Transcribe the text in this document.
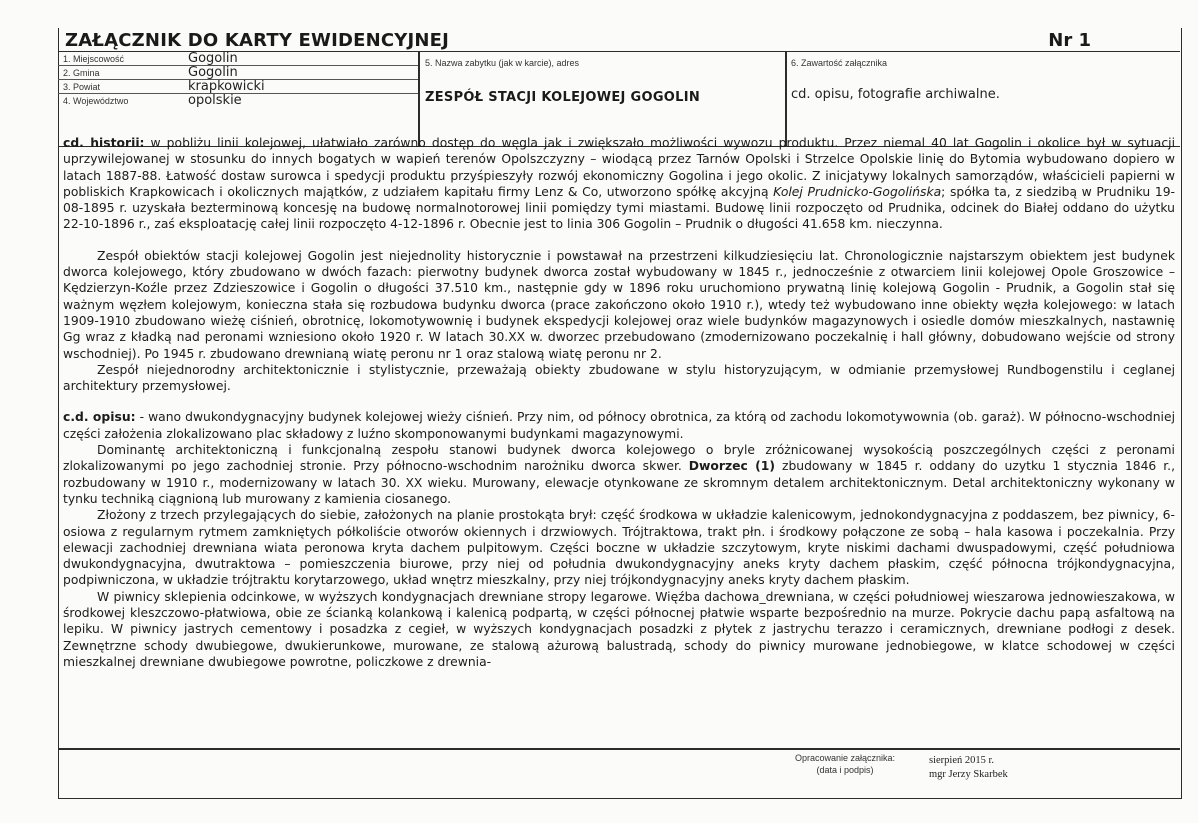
ZAŁĄCZNIK DO KARTY EWIDENCYJNEJ	Nr 1
1. Miejscowość	Gogolin
2. Gmina	Gogolin
3. Powiat	krapkowicki
4. Województwo	opolskie
5. Nazwa zabytku (jak w karcie), adres
ZESPÓŁ STACJI KOLEJOWEJ GOGOLIN
6. Zawartość załącznika
cd. opisu, fotografie archiwalne.

cd. historii: w pobliżu linii kolejowej, ułatwiało zarówno dostęp do węgla jak i zwiększało możliwości wywozu produktu. Przez niemal 40 lat Gogolin i okolice był w sytuacji uprzywilejowanej w stosunku do innych bogatych w wapień terenów Opolszczyzny – wiodącą przez Tarnów Opolski i Strzelce Opolskie linię do Bytomia wybudowano dopiero w latach 1887-88. Łatwość dostaw surowca i spedycji produktu przyśpieszyły rozwój ekonomiczny Gogolina i jego okolic. Z inicjatywy lokalnych samorządów, właścicieli papierni w pobliskich Krapkowicach i okolicznych majątków, z udziałem kapitału firmy Lenz & Co, utworzono spółkę akcyjną Kolej Prudnicko-Gogolińska; spółka ta, z siedzibą w Prudniku 19-08-1895 r. uzyskała bezterminową koncesję na budowę normalnotorowej linii pomiędzy tymi miastami. Budowę linii rozpoczęto od Prudnika, odcinek do Białej oddano do użytku 22-10-1896 r., zaś eksploatację całej linii rozpoczęto 4-12-1896 r. Obecnie jest to linia 306 Gogolin – Prudnik o długości 41.658 km. nieczynna.

Zespół obiektów stacji kolejowej Gogolin jest niejednolity historycznie i powstawał na przestrzeni kilkudziesięciu lat. Chronologicznie najstarszym obiektem jest budynek dworca kolejowego, który zbudowano w dwóch fazach: pierwotny budynek dworca został wybudowany w 1845 r., jednocześnie z otwarciem linii kolejowej Opole Groszowice – Kędzierzyn-Koźle przez Zdzieszowice i Gogolin o długości 37.510 km., następnie gdy w 1896 roku uruchomiono prywatną linię kolejową Gogolin - Prudnik, a Gogolin stał się ważnym węzłem kolejowym, konieczna stała się rozbudowa budynku dworca (prace zakończono około 1910 r.), wtedy też wybudowano inne obiekty węzła kolejowego: w latach 1909-1910 zbudowano wieżę ciśnień, obrotnicę, lokomotywownię i budynek ekspedycji kolejowej oraz wiele budynków magazynowych i osiedle domów mieszkalnych, nastawnię Gg wraz z kładką nad peronami wzniesiono około 1920 r. W latach 30.XX w. dworzec przebudowano (zmodernizowano poczekalnię i hall główny, dobudowano wejście od strony wschodniej). Po 1945 r. zbudowano drewnianą wiatę peronu nr 1 oraz stalową wiatę peronu nr 2.

Zespół niejednorodny architektonicznie i stylistycznie, przeważają obiekty zbudowane w stylu historyzującym, w odmianie przemysłowej Rundbogenstilu i ceglanej architektury przemysłowej.

c.d. opisu: - wano dwukondygnacyjny budynek kolejowej wieży ciśnień. Przy nim, od północy obrotnica, za którą od zachodu lokomotywownia (ob. garaż). W północno-wschodniej części założenia zlokalizowano plac składowy z luźno skomponowanymi budynkami magazynowymi.

Dominantę architektoniczną i funkcjonalną zespołu stanowi budynek dworca kolejowego o bryle zróżnicowanej wysokością poszczególnych części z peronami zlokalizowanymi po jego zachodniej stronie. Przy północno-wschodnim narożniku dworca skwer. Dworzec (1) zbudowany w 1845 r. oddany do uzytku 1 stycznia 1846 r., rozbudowany w 1910 r., modernizowany w latach 30. XX wieku. Murowany, elewacje otynkowane ze skromnym detalem architektonicznym. Detal architektoniczny wykonany w tynku techniką ciągnioną lub murowany z kamienia ciosanego.

Złożony z trzech przylegających do siebie, założonych na planie prostokąta brył: część środkowa w układzie kalenicowym, jednokondygnacyjna z poddaszem, bez piwnicy, 6-osiowa z regularnym rytmem zamkniętych półkoliście otworów okiennych i drzwiowych. Trójtraktowa, trakt płn. i środkowy połączone ze sobą – hala kasowa i poczekalnia. Przy elewacji zachodniej drewniana wiata peronowa kryta dachem pulpitowym. Części boczne w układzie szczytowym, kryte niskimi dachami dwuspadowymi, część południowa dwukondygnacyjna, dwutraktowa – pomieszczenia biurowe, przy niej od południa dwukondygnacyjny aneks kryty dachem płaskim, część północna trójkondygnacyjna, podpiwniczona, w układzie trójtraktu korytarzowego, układ wnętrz mieszkalny, przy niej trójkondygnacyjny aneks kryty dachem płaskim.

W piwnicy sklepienia odcinkowe, w wyższych kondygnacjach drewniane stropy legarowe. Więźba dachowa_drewniana, w części południowej wieszarowa jednowieszakowa, w środkowej kleszczowo-płatwiowa, obie ze ścianką kolankową i kalenicą podpartą, w części północnej płatwie wsparte bezpośrednio na murze. Pokrycie dachu papą asfaltową na lepiku. W piwnicy jastrych cementowy i posadzka z cegieł, w wyższych kondygnacjach posadzki z płytek z jastrychu terazzo i ceramicznych, drewniane podłogi z desek. Zewnętrzne schody dwubiegowe, dwukierunkowe, murowane, ze stalową ażurową balustradą, schody do piwnicy murowane jednobiegowe, w klatce schodowej w części mieszkalnej drewniane dwubiegowe powrotne, policzkowe z drewnia-

Opracowanie załącznika:
(data i podpis)
sierpień 2015 r.
mgr Jerzy Skarbek
